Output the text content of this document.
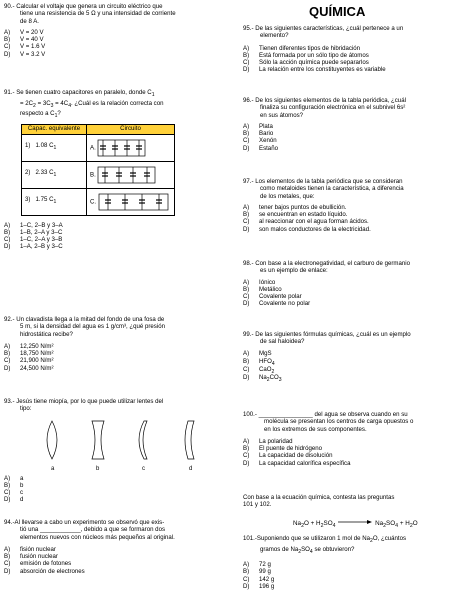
90.- Calcular el voltaje que genera un circuito eléctrico que
tiene una resistencia de 5 Ω y una intensidad de corriente
de 8 A.
A) V = 20 V
B) V = 40 V
C) V = 1.6 V
D) V = 3.2 V
91.- Se tienen cuatro capacitores en paralelo, donde $C_1$
= $2C_2 = 3C_3 = 4C_4$. ¿Cuál es la relación correcta con
respecto a $C_1$?
Capac. equivalente	Circuito
1) 1.08 $C_1$	A.
2) 2.33 $C_1$	B.
3) 1.75 $C_1$	C.
A) 1–C, 2–B y 3–A
B) 1–B, 2–A y 3–C
C) 1–C, 2–A y 3–B
D) 1–A, 2–B y 3–C
92.- Un clavadista llega a la mitad del fondo de una fosa de
5 m, si la densidad del agua es 1 g/cm³, ¿qué presión
hidrostática recibe?
A) 12,250 N/m²
B) 18,750 N/m²
C) 21,900 N/m²
D) 24,500 N/m²
93.- Jesús tiene miopía, por lo que puede utilizar lentes del
tipo:
a	b	c	d
A) a
B) b
C) c
D) d
94.-Al llevarse a cabo un experimento se observó que exis-
tió una ____________, debido a que se formaron dos
elementos nuevos con núcleos más pequeños al original.
A) fisión nuclear
B) fusión nuclear
C) emisión de fotones
D) absorción de electrones
QUÍMICA
95.- De las siguientes características, ¿cuál pertenece a un
elemento?
A) Tienen diferentes tipos de hibridación
B) Está formada por un sólo tipo de átomos
C) Sólo la acción química puede separarlos
D) La relación entre los constituyentes es variable
96.- De los siguientes elementos de la tabla periódica, ¿cuál
finaliza su configuración electrónica en el subnivel 6s²
en sus átomos?
A) Plata
B) Bario
C) Xenón
D) Estaño
97.- Los elementos de la tabla periódica que se consideran
como metaloides tienen la característica, a diferencia
de los metales, que:
A) tener bajos puntos de ebullición.
B) se encuentran en estado líquido.
C) al reaccionar con el agua forman ácidos.
D) son malos conductores de la electricidad.
98.- Con base a la electronegatividad, el carburo de germanio
es un ejemplo de enlace:
A) Iónico
B) Metálico
C) Covalente polar
D) Covalente no polar
99.- De las siguientes fórmulas químicas, ¿cuál es un ejemplo
de sal haloidea?
A) MgS
B) $HFO_4$
C) CaO$_2$
D) $Na_2CO_3$
100.- ________________ del agua se observa cuando en su
molécula se presentan los centros de carga opuestos o
en los extremos de sus componentes.
A) La polaridad
B) El puente de hidrógeno
C) La capacidad de disolución
D) La capacidad calorífica específica
Con base a la ecuación química, contesta las preguntas
101 y 102.
$Na_2O + H_2SO_4$	$Na_2SO_4 + H_2O$
101.-Suponiendo que se utilizaron 1 mol de $Na_2O$, ¿cuántos
gramos de $Na_2SO_4$ se obtuvieron?
A) 72 g
B) 99 g
C) 142 g
D) 196 g
